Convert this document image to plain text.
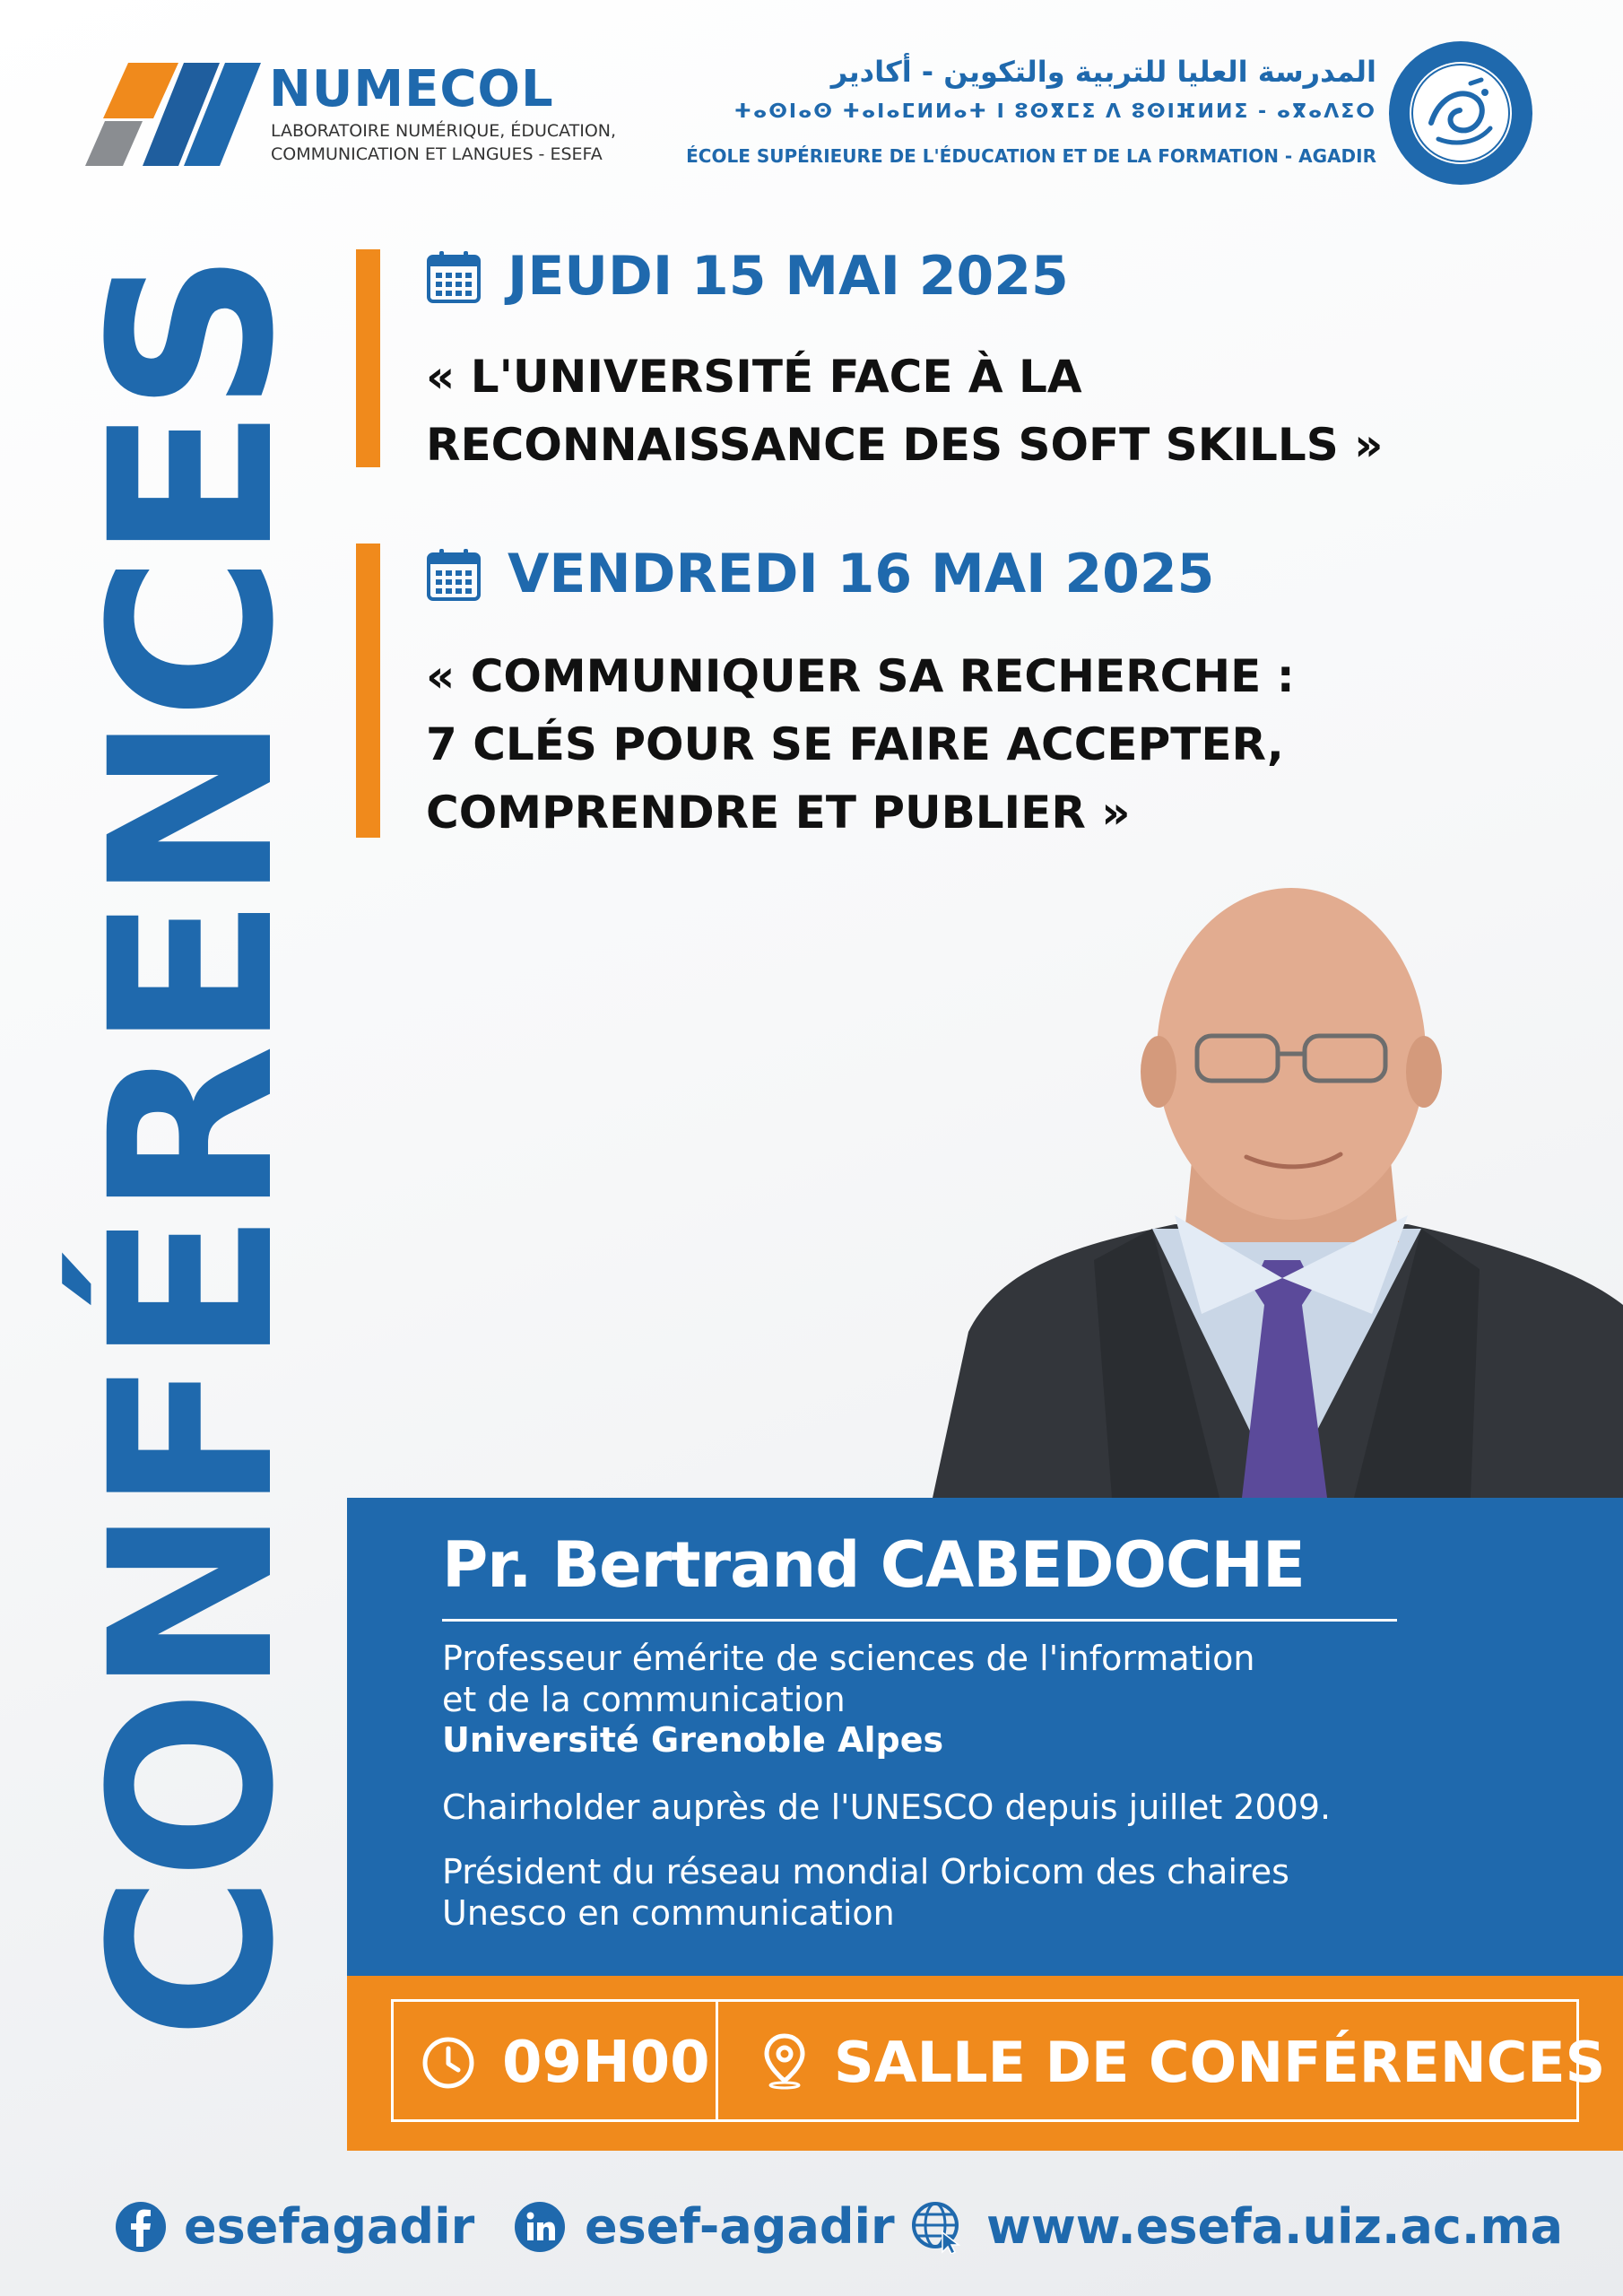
NUMECOL
LABORATOIRE NUMÉRIQUE, ÉDUCATION,
COMMUNICATION ET LANGUES - ESEFA
المدرسة العليا للتربية والتكوين - أكادير
ⵜⴰⵙⵏⴰⵙ ⵜⴰⵏⴰⵎⵍⵍⴰⵜ ⵏ ⵓⵙⴳⵎⵉ ⴷ ⵓⵙⵏⴼⵍⵍⵉ - ⴰⴳⴰⴷⵉⵔ
ÉCOLE SUPÉRIEURE DE L'ÉDUCATION ET DE LA FORMATION - AGADIR
CONFÉRENCES	JEUDI 15 MAI 2025
« L'UNIVERSITÉ FACE À LA
RECONNAISSANCE DES SOFT SKILLS »
VENDREDI 16 MAI 2025
« COMMUNIQUER SA RECHERCHE :
7 CLÉS POUR SE FAIRE ACCEPTER,
COMPRENDRE ET PUBLIER »
Pr. Bertrand CABEDOCHE
Professeur émérite de sciences de l'information
et de la communication
Université Grenoble Alpes
Chairholder auprès de l'UNESCO depuis juillet 2009.
Président du réseau mondial Orbicom des chaires
Unesco en communication
09H00 SALLE DE CONFÉRENCES
esefagadir esef-agadir www.esefa.uiz.ac.ma
